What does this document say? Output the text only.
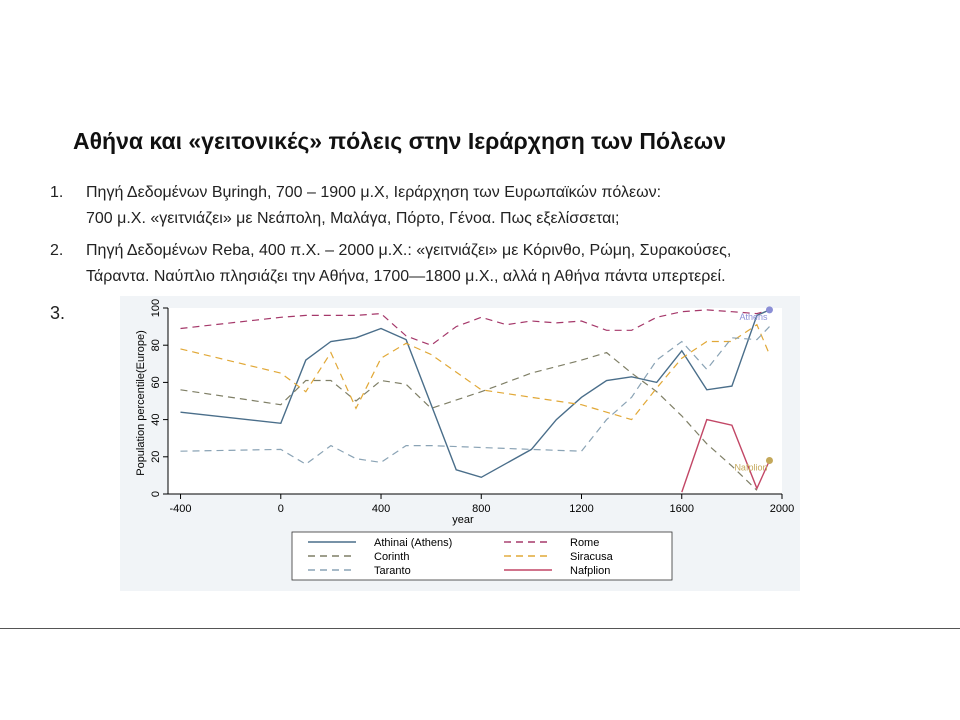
Αθήνα και «γειτονικές» πόλεις στην Ιεράρχηση των Πόλεων
1. Πηγή Δεδομένων Bu̧ringh, 700 – 1900 μ.Χ, Ιεράρχηση των Ευρωπαϊκών πόλεων:
700 μ.Χ. «γειτνιάζει» με Νεάπολη, Μαλάγα, Πόρτο, Γένοα. Πως εξελίσσεται;
2. Πηγή Δεδομένων Reba, 400 π.Χ. – 2000 μ.Χ.: «γειτνιάζει» με Κόρινθο, Ρώμη, Συρακούσες,
Τάραντα. Ναύπλιο πλησιάζει την Αθήνα, 1700—1800 μ.Χ., αλλά η Αθήνα πάντα υπερτερεί.
3.
-400	0	400	800	1200	1600	2000
0
20
40
60
80
100
year
Population percentile(Europe)
Athens
Nafplion
Athinai (Athens)	Rome
Corinth	Siracusa
Taranto	Nafplion
